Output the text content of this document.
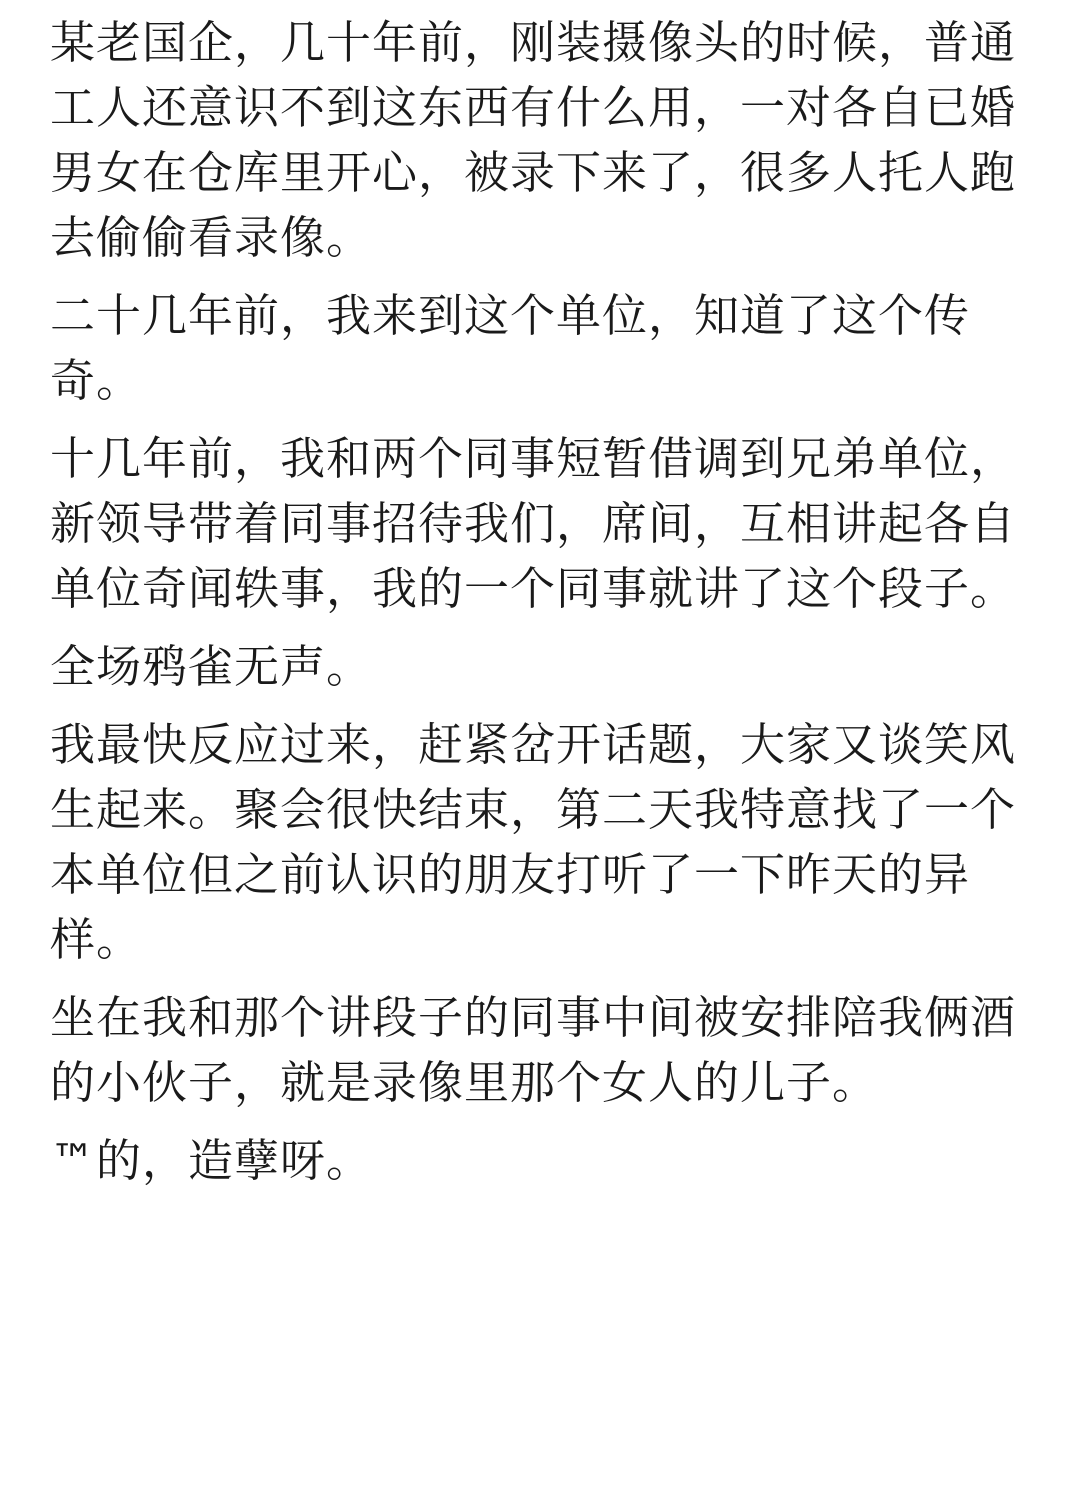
某老国企，几十年前，刚装摄像头的时候，普通工人还意识不到这东西有什么用，一对各自已婚男女在仓库里开心，被录下来了，很多人托人跑去偷偷看录像。

二十几年前，我来到这个单位，知道了这个传奇。

十几年前，我和两个同事短暂借调到兄弟单位，新领导带着同事招待我们，席间，互相讲起各自单位奇闻轶事，我的一个同事就讲了这个段子。

全场鸦雀无声。

我最快反应过来，赶紧岔开话题，大家又谈笑风生起来。聚会很快结束，第二天我特意找了一个本单位但之前认识的朋友打听了一下昨天的异样。

坐在我和那个讲段子的同事中间被安排陪我俩酒的小伙子，就是录像里那个女人的儿子。

™的，造孽呀。
